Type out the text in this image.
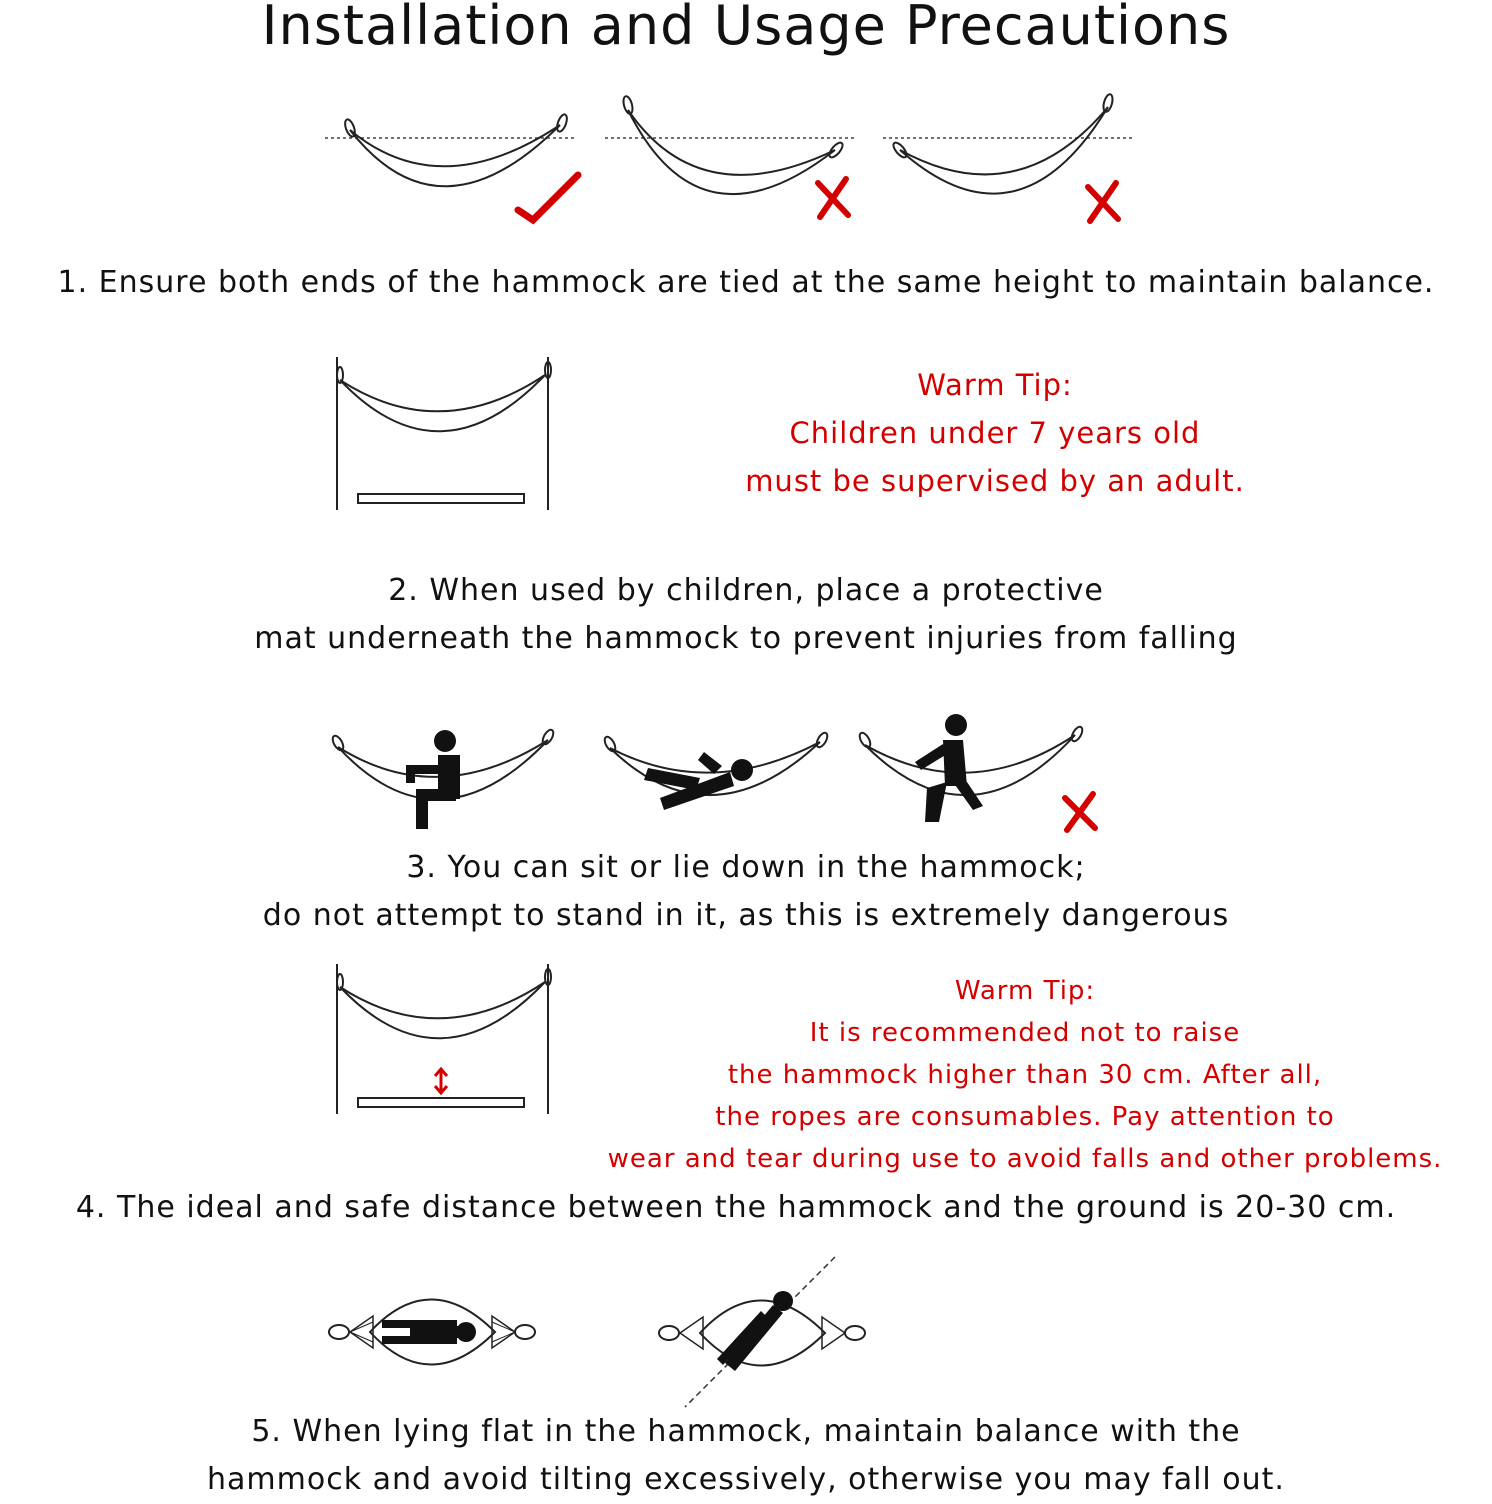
Installation and Usage Precautions
1. Ensure both ends of the hammock are tied at the same height to maintain balance.
Warm Tip:
Children under 7 years old
must be supervised by an adult.
2. When used by children, place a protective
mat underneath the hammock to prevent injuries from falling
3. You can sit or lie down in the hammock;
do not attempt to stand in it, as this is extremely dangerous
Warm Tip:
It is recommended not to raise
the hammock higher than 30 cm. After all,
the ropes are consumables. Pay attention to
wear and tear during use to avoid falls and other problems.
4. The ideal and safe distance between the hammock and the ground is 20-30 cm.
5. When lying flat in the hammock, maintain balance with the
hammock and avoid tilting excessively, otherwise you may fall out.
